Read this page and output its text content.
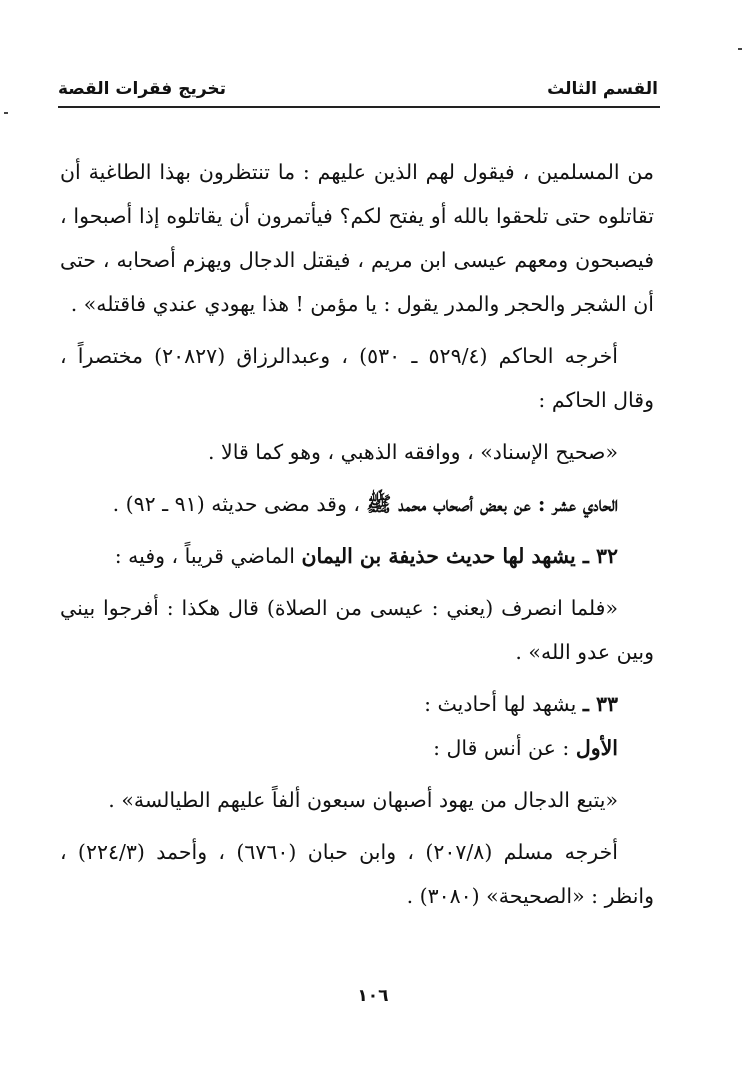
القسم الثالث
تخريج فقرات القصة

من المسلمين ، فيقول لهم الذين عليهم : ما تنتظرون بهذا الطاغية أن تقاتلوه حتى تلحقوا بالله أو يفتح لكم؟ فيأتمرون أن يقاتلوه إذا أصبحوا ، فيصبحون ومعهم عيسى ابن مريم ، فيقتل الدجال ويهزم أصحابه ، حتى أن الشجر والحجر والمدر يقول : يا مؤمن ! هذا يهودي عندي فاقتله» .

أخرجه الحاكم (٥٢٩/٤ ـ ٥٣٠) ، وعبدالرزاق (٢٠٨٢٧) مختصراً ، وقال الحاكم :

«صحيح الإسناد» ، ووافقه الذهبي ، وهو كما قالا .

الحادي عشر : عن بعض أصحاب محمد ﷺ ، وقد مضى حديثه (٩١ ـ ٩٢) .

٣٢ ـ يشهد لها حديث حذيفة بن اليمان الماضي قريباً ، وفيه :

«فلما انصرف (يعني : عيسى من الصلاة) قال هكذا : أفرجوا بيني وبين عدو الله» .

٣٣ ـ يشهد لها أحاديث :

الأول : عن أنس قال :

«يتبع الدجال من يهود أصبهان سبعون ألفاً عليهم الطيالسة» .

أخرجه مسلم (٢٠٧/٨) ، وابن حبان (٦٧٦٠) ، وأحمد (٢٢٤/٣) ، وانظر : «الصحيحة» (٣٠٨٠) .

١٠٦
